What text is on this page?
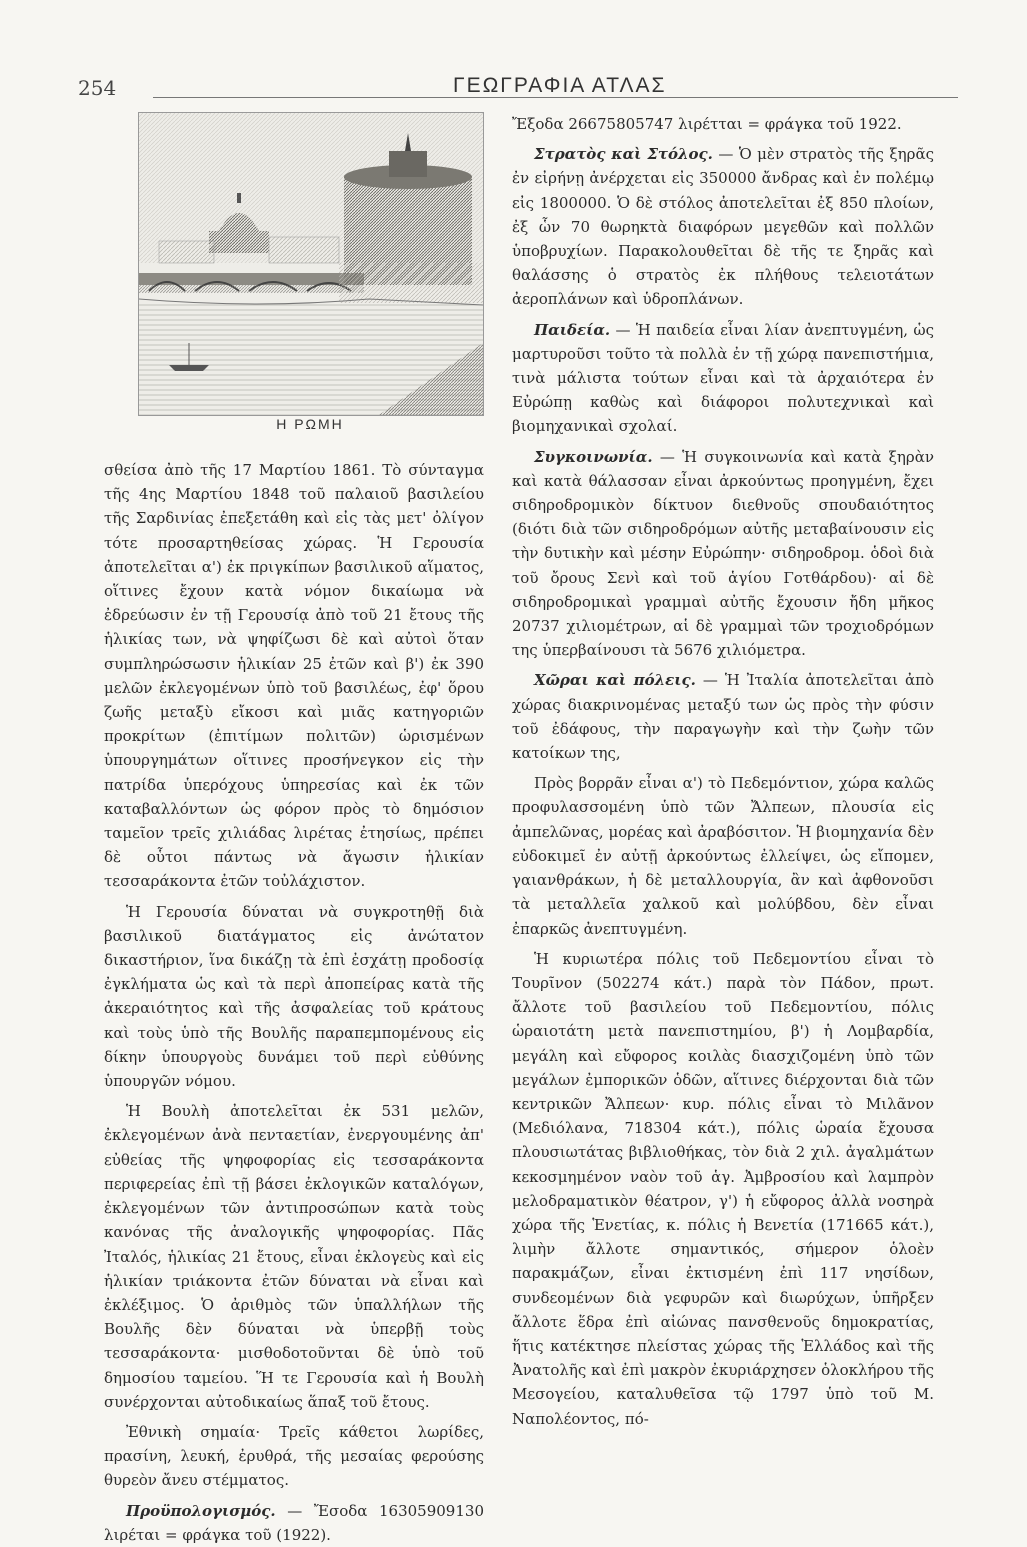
254	ΓΕΩΓΡΑΦΙΑ ΑΤΛΑΣ
Η ΡΩΜΗ

σθείσα ἀπὸ τῆς 17 Μαρτίου 1861. Τὸ σύνταγμα τῆς 4ης Μαρτίου 1848 τοῦ παλαιοῦ βασιλείου τῆς Σαρδινίας ἐπεξετάθη καὶ εἰς τὰς μετ' ὀλίγον τότε προσαρτηθείσας χώρας. Ἡ Γερουσία ἀποτελεῖται α') ἐκ πριγκίπων βασιλικοῦ αἵματος, οἵτινες ἔχουν κατὰ νόμον δικαίωμα νὰ ἐδρεύωσιν ἐν τῇ Γερουσίᾳ ἀπὸ τοῦ 21 ἔτους τῆς ἡλικίας των, νὰ ψηφίζωσι δὲ καὶ αὐτοὶ ὅταν συμπληρώσωσιν ἡλικίαν 25 ἐτῶν καὶ β') ἐκ 390 μελῶν ἐκλεγομένων ὑπὸ τοῦ βασιλέως, ἐφ' ὅρου ζωῆς μεταξὺ εἴκοσι καὶ μιᾶς κατηγοριῶν προκρίτων (ἐπιτίμων πολιτῶν) ὡρισμένων ὑπουργημάτων οἵτινες προσήνεγκον εἰς τὴν πατρίδα ὑπερόχους ὑπηρεσίας καὶ ἐκ τῶν καταβαλλόντων ὡς φόρον πρὸς τὸ δημόσιον ταμεῖον τρεῖς χιλιάδας λιρέτας ἐτησίως, πρέπει δὲ οὗτοι πάντως νὰ ἄγωσιν ἡλικίαν τεσσαράκοντα ἐτῶν τοὐλάχιστον.

Ἡ Γερουσία δύναται νὰ συγκροτηθῇ διὰ βασιλικοῦ διατάγματος εἰς ἀνώτατον δικαστήριον, ἵνα δικάζῃ τὰ ἐπὶ ἐσχάτῃ προδοσίᾳ ἐγκλήματα ὡς καὶ τὰ περὶ ἀποπείρας κατὰ τῆς ἀκεραιότητος καὶ τῆς ἀσφαλείας τοῦ κράτους καὶ τοὺς ὑπὸ τῆς Βουλῆς παραπεμπομένους εἰς δίκην ὑπουργοὺς δυνάμει τοῦ περὶ εὐθύνης ὑπουργῶν νόμου.

Ἡ Βουλὴ ἀποτελεῖται ἐκ 531 μελῶν, ἐκλεγομένων ἀνὰ πενταετίαν, ἐνεργουμένης ἀπ' εὐθείας τῆς ψηφοφορίας εἰς τεσσαράκοντα περιφερείας ἐπὶ τῇ βάσει ἐκλογικῶν καταλόγων, ἐκλεγομένων τῶν ἀντιπροσώπων κατὰ τοὺς κανόνας τῆς ἀναλογικῆς ψηφοφορίας. Πᾶς Ἰταλός, ἡλικίας 21 ἔτους, εἶναι ἐκλογεὺς καὶ εἰς ἡλικίαν τριάκοντα ἐτῶν δύναται νὰ εἶναι καὶ ἐκλέξιμος. Ὁ ἀριθμὸς τῶν ὑπαλλήλων τῆς Βουλῆς δὲν δύναται νὰ ὑπερβῇ τοὺς τεσσαράκοντα· μισθοδοτοῦνται δὲ ὑπὸ τοῦ δημοσίου ταμείου. Ἥ τε Γερουσία καὶ ἡ Βουλὴ συνέρχονται αὐτοδικαίως ἅπαξ τοῦ ἔτους.

Ἐθνικὴ σημαία· Τρεῖς κάθετοι λωρίδες, πρασίνη, λευκή, ἐρυθρά, τῆς μεσαίας φερούσης θυρεὸν ἄνευ στέμματος.

Προϋπολογισμός. — Ἔσοδα 16305909130 λιρέται = φράγκα τοῦ (1922).

Ἔξοδα 26675805747 λιρέτται = φράγκα τοῦ 1922.

Στρατὸς καὶ Στόλος. — Ὁ μὲν στρατὸς τῆς ξηρᾶς ἐν εἰρήνῃ ἀνέρχεται εἰς 350000 ἄνδρας καὶ ἐν πολέμῳ εἰς 1800000. Ὁ δὲ στόλος ἀποτελεῖται ἐξ 850 πλοίων, ἐξ ὧν 70 θωρηκτὰ διαφόρων μεγεθῶν καὶ πολλῶν ὑποβρυχίων. Παρακολουθεῖται δὲ τῆς τε ξηρᾶς καὶ θαλάσσης ὁ στρατὸς ἐκ πλήθους τελειοτάτων ἀεροπλάνων καὶ ὑδροπλάνων.

Παιδεία. — Ἡ παιδεία εἶναι λίαν ἀνεπτυγμένη, ὡς μαρτυροῦσι τοῦτο τὰ πολλὰ ἐν τῇ χώρᾳ πανεπιστήμια, τινὰ μάλιστα τούτων εἶναι καὶ τὰ ἀρχαιότερα ἐν Εὐρώπῃ καθὼς καὶ διάφοροι πολυτεχνικαὶ καὶ βιομηχανικαὶ σχολαί.

Συγκοινωνία. — Ἡ συγκοινωνία καὶ κατὰ ξηρὰν καὶ κατὰ θάλασσαν εἶναι ἀρκούντως προηγμένη, ἔχει σιδηροδρομικὸν δίκτυον διεθνοῦς σπουδαιότητος (διότι διὰ τῶν σιδηροδρόμων αὐτῆς μεταβαίνουσιν εἰς τὴν δυτικὴν καὶ μέσην Εὐρώπην· σιδηροδρομ. ὁδοὶ διὰ τοῦ ὄρους Σενὶ καὶ τοῦ ἁγίου Γοτθάρδου)· αἱ δὲ σιδηροδρομικαὶ γραμμαὶ αὐτῆς ἔχουσιν ἤδη μῆκος 20737 χιλιομέτρων, αἱ δὲ γραμμαὶ τῶν τροχιοδρόμων της ὑπερβαίνουσι τὰ 5676 χιλιόμετρα.

Χῶραι καὶ πόλεις. — Ἡ Ἰταλία ἀποτελεῖται ἀπὸ χώρας διακρινομένας μεταξύ των ὡς πρὸς τὴν φύσιν τοῦ ἐδάφους, τὴν παραγωγὴν καὶ τὴν ζωὴν τῶν κατοίκων της,

Πρὸς βορρᾶν εἶναι α') τὸ Πεδεμόντιον, χώρα καλῶς προφυλασσομένη ὑπὸ τῶν Ἄλπεων, πλουσία εἰς ἀμπελῶνας, μορέας καὶ ἀραβόσιτον. Ἡ βιομηχανία δὲν εὐδοκιμεῖ ἐν αὐτῇ ἀρκούντως ἐλλείψει, ὡς εἴπομεν, γαιανθράκων, ἡ δὲ μεταλλουργία, ἂν καὶ ἀφθονοῦσι τὰ μεταλλεῖα χαλκοῦ καὶ μολύβδου, δὲν εἶναι ἐπαρκῶς ἀνεπτυγμένη.

Ἡ κυριωτέρα πόλις τοῦ Πεδεμοντίου εἶναι τὸ Τουρῖνον (502274 κάτ.) παρὰ τὸν Πάδον, πρωτ. ἄλλοτε τοῦ βασιλείου τοῦ Πεδεμοντίου, πόλις ὡραιοτάτη μετὰ πανεπιστημίου, β') ἡ Λομβαρδία, μεγάλη καὶ εὔφορος κοιλὰς διασχιζομένη ὑπὸ τῶν μεγάλων ἐμπορικῶν ὁδῶν, αἵτινες διέρχονται διὰ τῶν κεντρικῶν Ἄλπεων· κυρ. πόλις εἶναι τὸ Μιλᾶνον (Μεδιόλανα, 718304 κάτ.), πόλις ὡραία ἔχουσα πλουσιωτάτας βιβλιοθήκας, τὸν διὰ 2 χιλ. ἀγαλμάτων κεκοσμημένον ναὸν τοῦ ἁγ. Ἀμβροσίου καὶ λαμπρὸν μελοδραματικὸν θέατρον, γ') ἡ εὔφορος ἀλλὰ νοσηρὰ χώρα τῆς Ἑνετίας, κ. πόλις ἡ Βενετία (171665 κάτ.), λιμὴν ἄλλοτε σημαντικός, σήμερον ὁλοὲν παρακμάζων, εἶναι ἐκτισμένη ἐπὶ 117 νησίδων, συνδεομένων διὰ γεφυρῶν καὶ διωρύχων, ὑπῆρξεν ἄλλοτε ἕδρα ἐπὶ αἰώνας πανσθενοῦς δημοκρατίας, ἥτις κατέκτησε πλείστας χώρας τῆς Ἑλλάδος καὶ τῆς Ἀνατολῆς καὶ ἐπὶ μακρὸν ἐκυριάρχησεν ὁλοκλήρου τῆς Μεσογείου, καταλυθεῖσα τῷ 1797 ὑπὸ τοῦ Μ. Ναπολέοντος, πό-
